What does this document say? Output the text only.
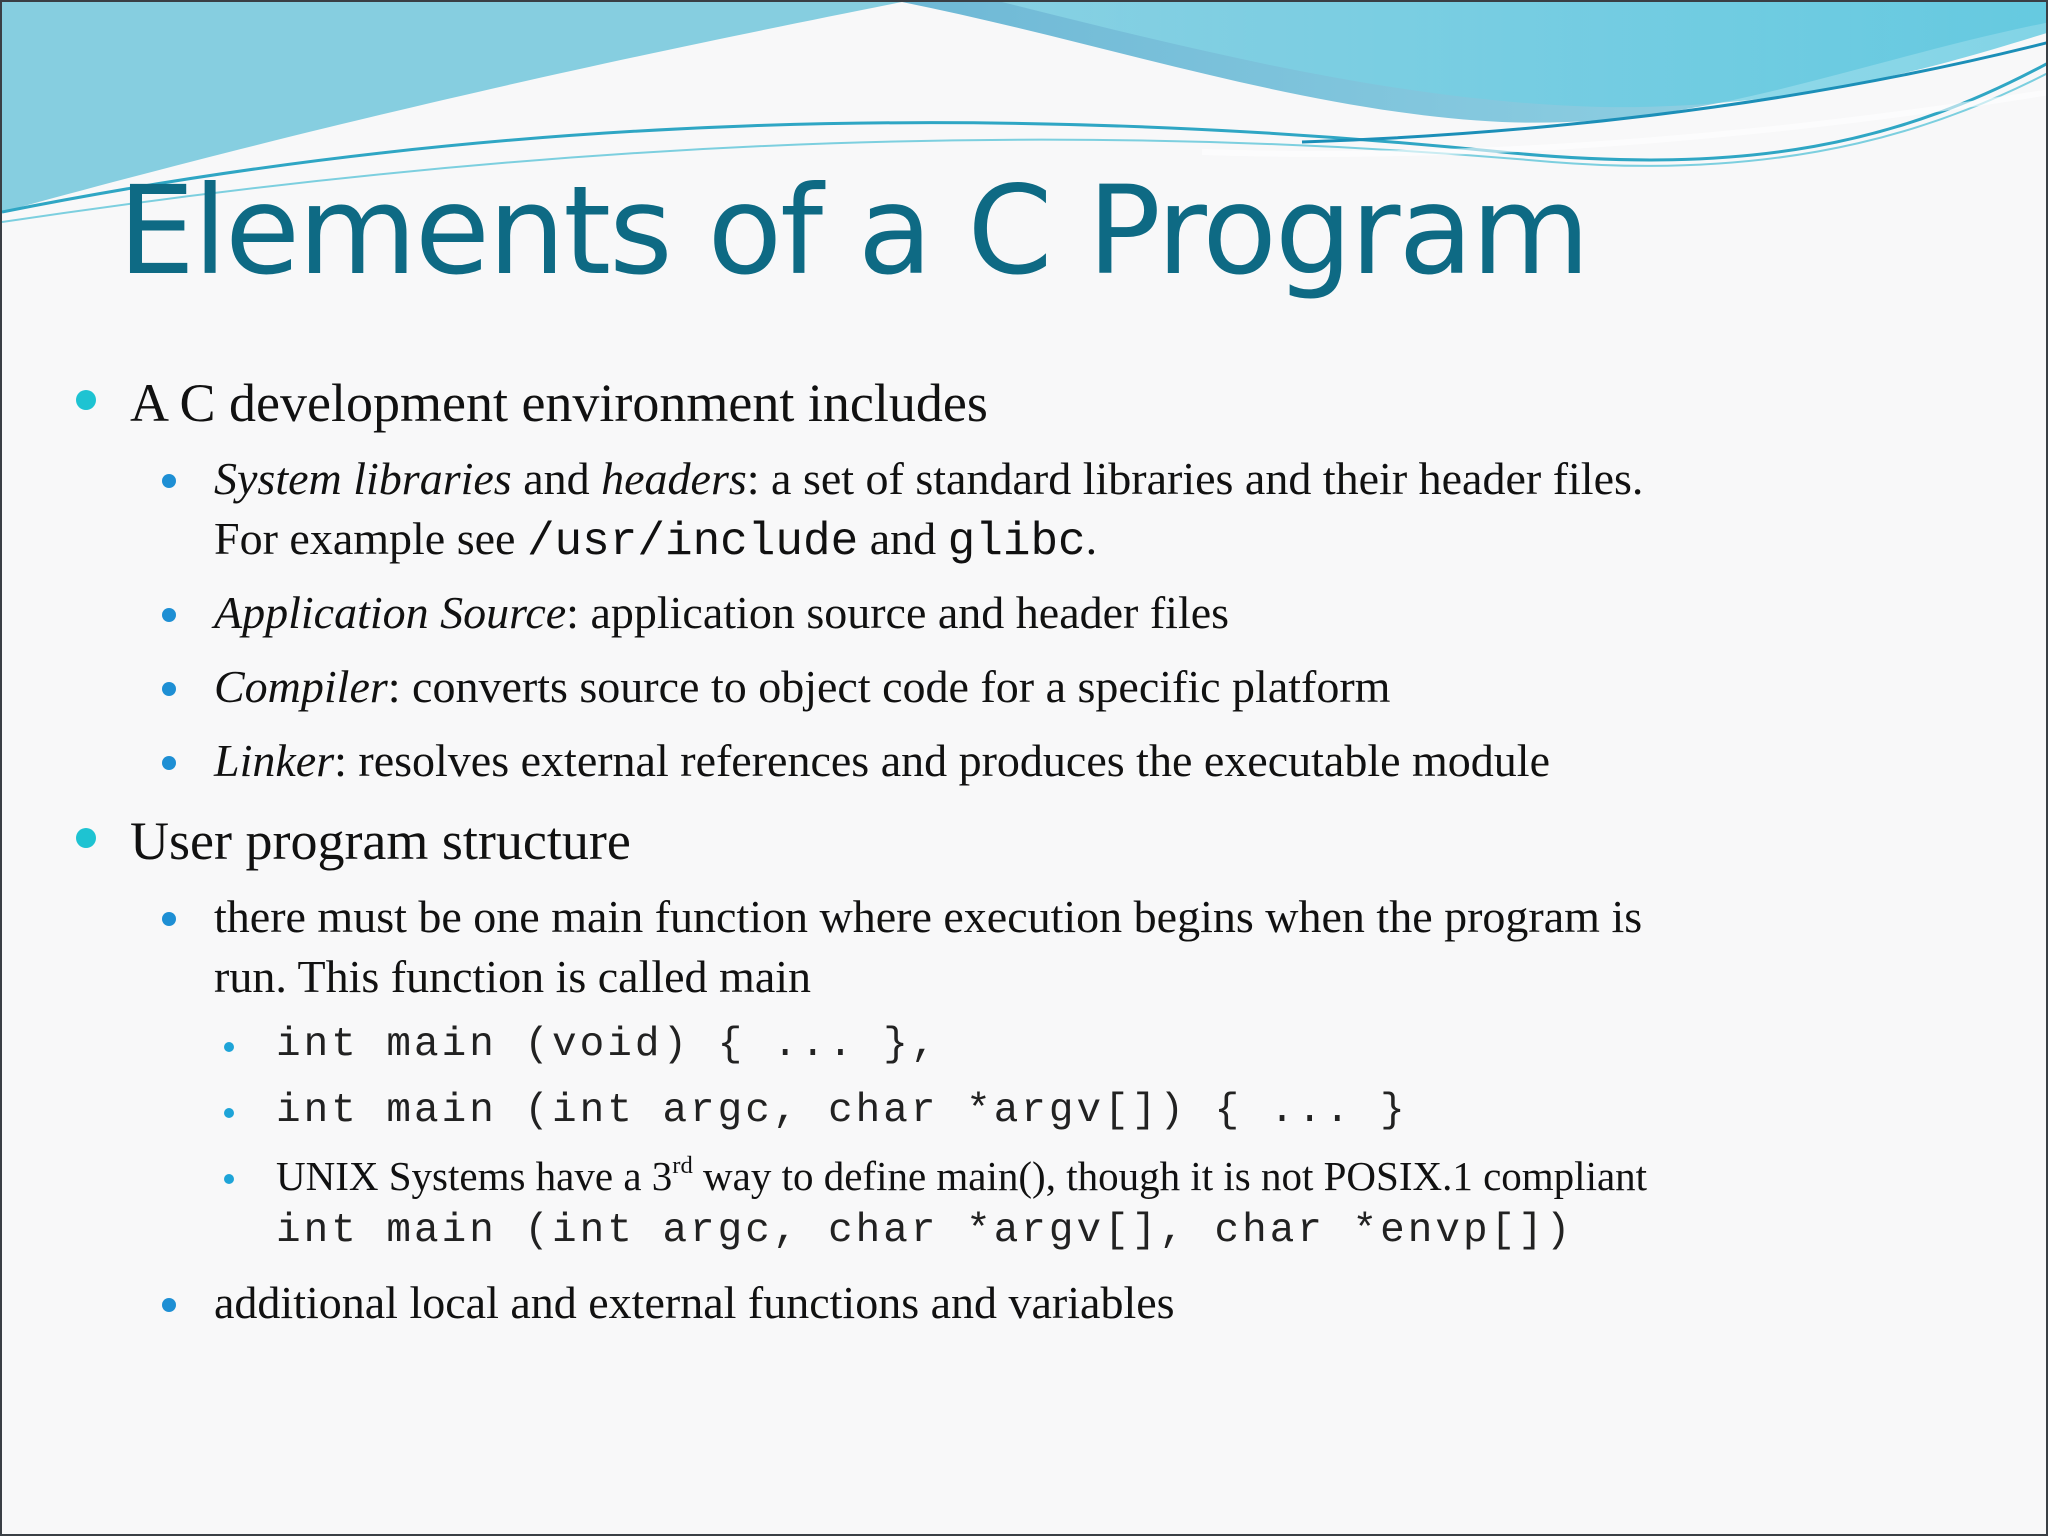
Elements of a C Program
A C development environment includes
System libraries and headers: a set of standard libraries and their header files.
For example see /usr/include and glibc.
Application Source: application source and header files
Compiler: converts source to object code for a specific platform
Linker: resolves external references and produces the executable module
User program structure
there must be one main function where execution begins when the program is
run. This function is called main
int main (void) { ... },
int main (int argc, char *argv[]) { ... }
UNIX Systems have a 3rd way to define main(), though it is not POSIX.1 compliant
int main (int argc, char *argv[], char *envp[])
additional local and external functions and variables
